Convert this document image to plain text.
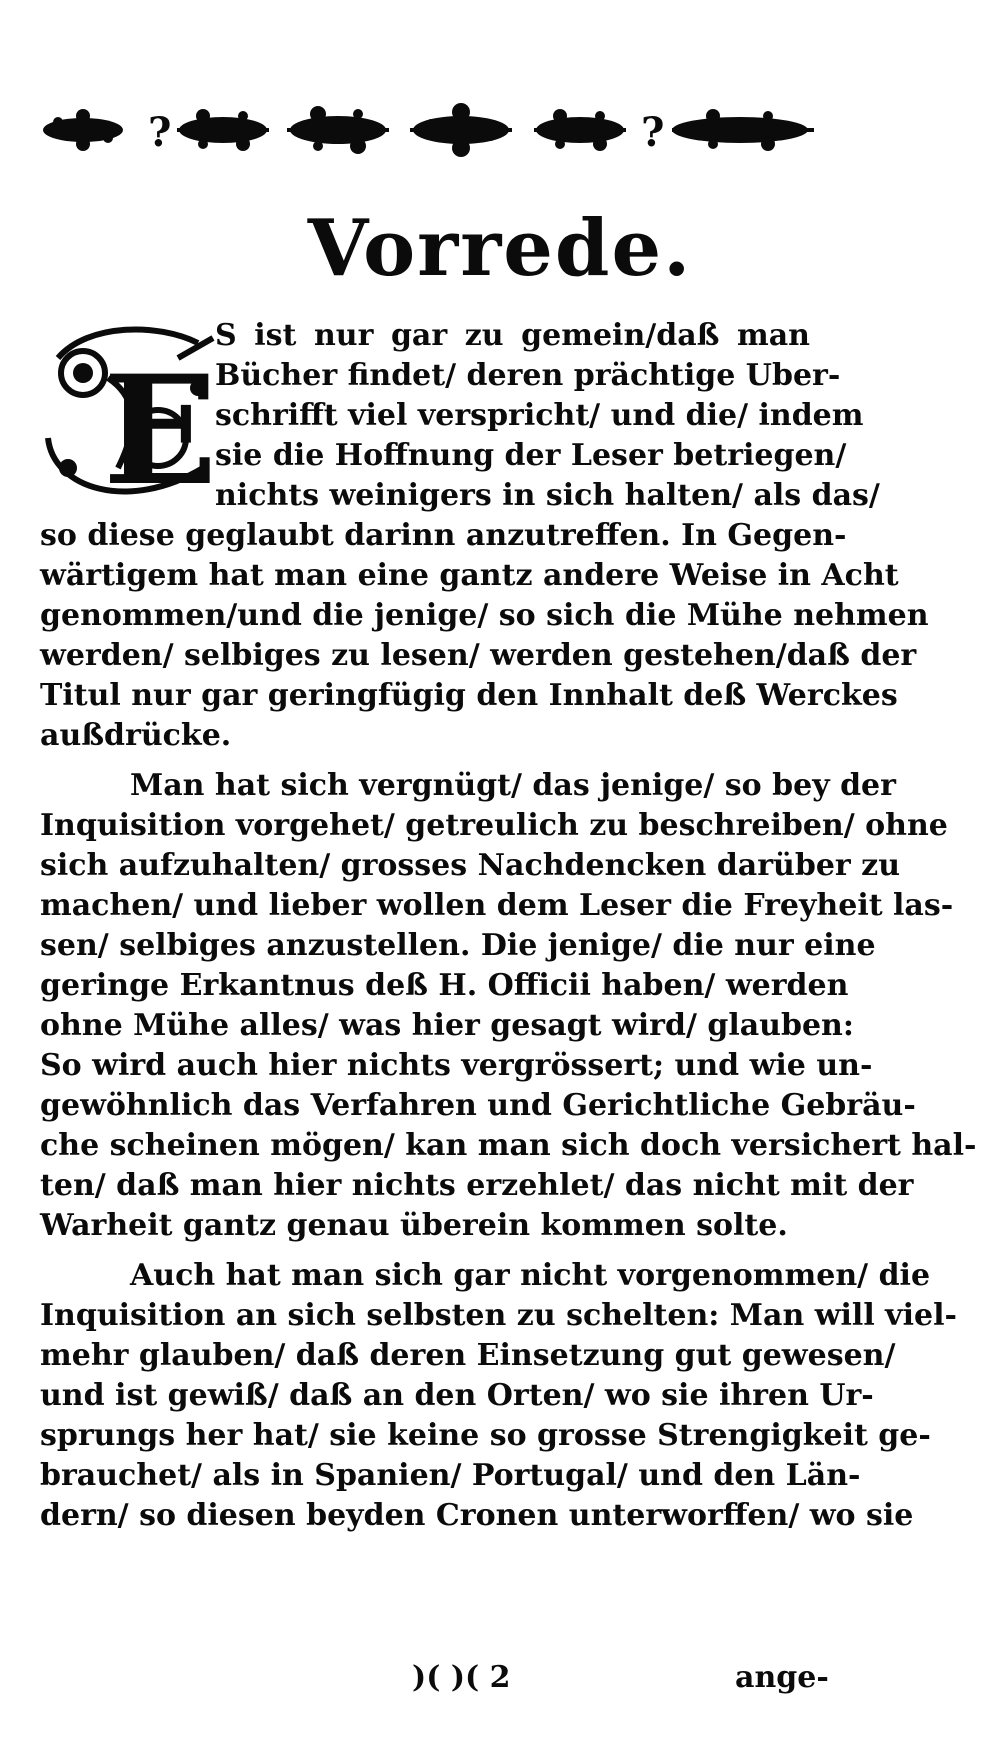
?	?
Vorrede.
E

S ist nur gar zu gemein/daß man

Bücher findet/ deren prächtige Uber-

schrifft viel verspricht/ und die/ indem

sie die Hoffnung der Leser betriegen/

nichts weinigers in sich halten/ als das/

so diese geglaubt darinn anzutreffen. In Gegen-

wärtigem hat man eine gantz andere Weise in Acht

genommen/und die jenige/ so sich die Mühe nehmen

werden/ selbiges zu lesen/ werden gestehen/daß der

Titul nur gar geringfügig den Innhalt deß Werckes

außdrücke.

Man hat sich vergnügt/ das jenige/ so bey der

Inquisition vorgehet/ getreulich zu beschreiben/ ohne

sich aufzuhalten/ grosses Nachdencken darüber zu

machen/ und lieber wollen dem Leser die Freyheit las-

sen/ selbiges anzustellen. Die jenige/ die nur eine

geringe Erkantnus deß H. Officii haben/ werden

ohne Mühe alles/ was hier gesagt wird/ glauben:

So wird auch hier nichts vergrössert; und wie un-

gewöhnlich das Verfahren und Gerichtliche Gebräu-

che scheinen mögen/ kan man sich doch versichert hal-

ten/ daß man hier nichts erzehlet/ das nicht mit der

Warheit gantz genau überein kommen solte.

Auch hat man sich gar nicht vorgenommen/ die

Inquisition an sich selbsten zu schelten: Man will viel-

mehr glauben/ daß deren Einsetzung gut gewesen/

und ist gewiß/ daß an den Orten/ wo sie ihren Ur-

sprungs her hat/ sie keine so grosse Strengigkeit ge-

brauchet/ als in Spanien/ Portugal/ und den Län-

dern/ so diesen beyden Cronen unterworffen/ wo sie

)( )( 2	ange-
